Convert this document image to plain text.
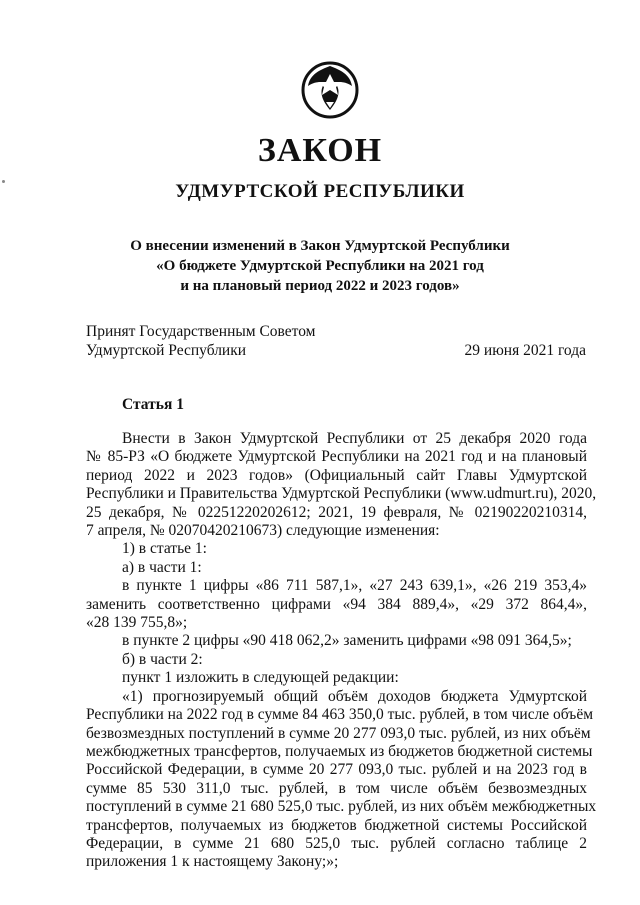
ЗАКОН
УДМУРТСКОЙ РЕСПУБЛИКИ
О внесении изменений в Закон Удмуртской Республики
«О бюджете Удмуртской Республики на 2021 год
и на плановый период 2022 и 2023 годов»
Принят Государственным Советом
Удмуртской Республики	29 июня 2021 года
Статья 1
Внести в Закон Удмуртской Республики от 25 декабря 2020 года
№ 85-РЗ «О бюджете Удмуртской Республики на 2021 год и на плановый
период 2022 и 2023 годов» (Официальный сайт Главы Удмуртской
Республики и Правительства Удмуртской Республики (www.udmurt.ru), 2020,
25 декабря, № 02251220202612; 2021, 19 февраля, № 02190220210314,
7 апреля, № 02070420210673) следующие изменения:
1) в статье 1:
а) в части 1:
в пункте 1 цифры «86 711 587,1», «27 243 639,1», «26 219 353,4»
заменить соответственно цифрами «94 384 889,4», «29 372 864,4»,
«28 139 755,8»;
в пункте 2 цифры «90 418 062,2» заменить цифрами «98 091 364,5»;
б) в части 2:
пункт 1 изложить в следующей редакции:
«1) прогнозируемый общий объём доходов бюджета Удмуртской
Республики на 2022 год в сумме 84 463 350,0 тыс. рублей, в том числе объём
безвозмездных поступлений в сумме 20 277 093,0 тыс. рублей, из них объём
межбюджетных трансфертов, получаемых из бюджетов бюджетной системы
Российской Федерации, в сумме 20 277 093,0 тыс. рублей и на 2023 год в
сумме 85 530 311,0 тыс. рублей, в том числе объём безвозмездных
поступлений в сумме 21 680 525,0 тыс. рублей, из них объём межбюджетных
трансфертов, получаемых из бюджетов бюджетной системы Российской
Федерации, в сумме 21 680 525,0 тыс. рублей согласно таблице 2
приложения 1 к настоящему Закону;»;
